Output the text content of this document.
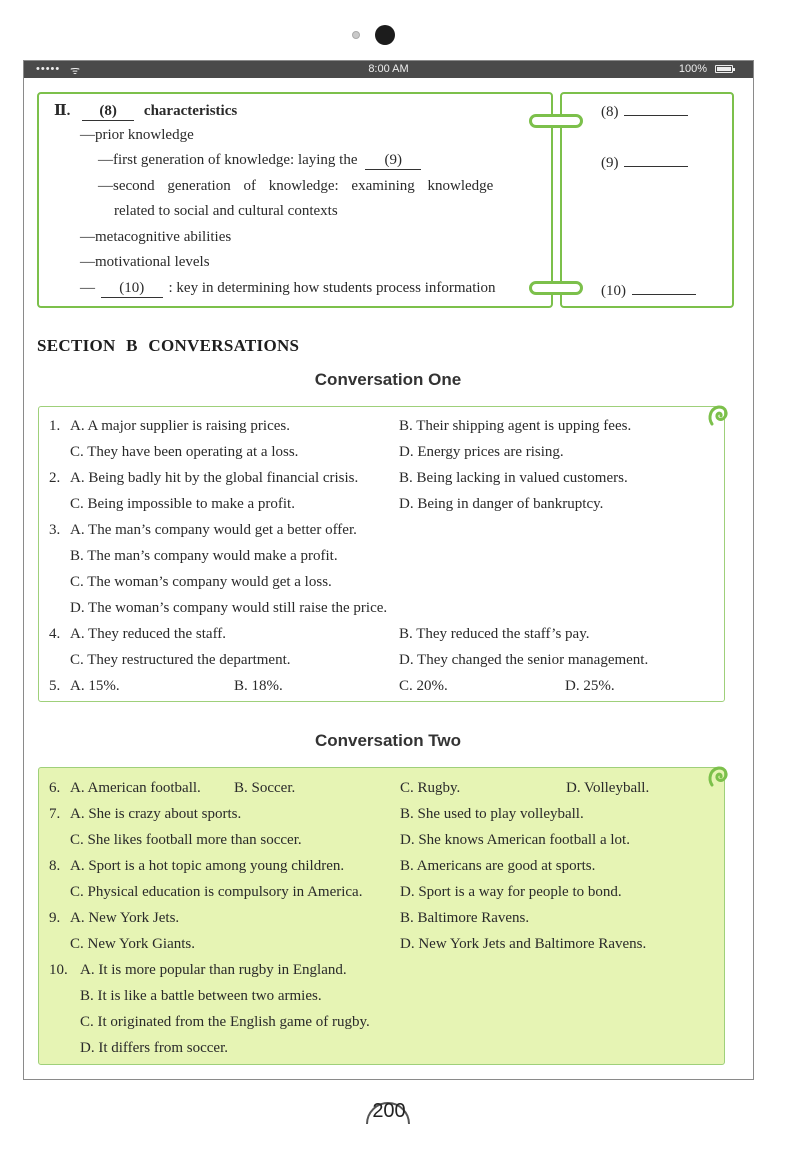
••••• ᯤ	8:00 AM	100%
Ⅱ. (8) characteristics
—prior knowledge
—first generation of knowledge: laying the (9)
—second generation of knowledge: examining knowledge
related to social and cultural contexts
—metacognitive abilities
—motivational levels
— (10) : key in determining how students process information
(8)
(9)
(10)
SECTION B CONVERSATIONS
Conversation One
1. A. A major supplier is raising prices.	B. Their shipping agent is upping fees.
C. They have been operating at a loss.	D. Energy prices are rising.
2. A. Being badly hit by the global financial crisis.	B. Being lacking in valued customers.
C. Being impossible to make a profit.	D. Being in danger of bankruptcy.
3. A. The man’s company would get a better offer.
B. The man’s company would make a profit.
C. The woman’s company would get a loss.
D. The woman’s company would still raise the price.
4. A. They reduced the staff.	B. They reduced the staff’s pay.
C. They restructured the department.	D. They changed the senior management.
5. A. 15%.	B. 18%.	C. 20%.	D. 25%.
Conversation Two
6. A. American football. B. Soccer.	C. Rugby.	D. Volleyball.
7. A. She is crazy about sports.	B. She used to play volleyball.
C. She likes football more than soccer.	D. She knows American football a lot.
8. A. Sport is a hot topic among young children.	B. Americans are good at sports.
C. Physical education is compulsory in America.	D. Sport is a way for people to bond.
9. A. New York Jets.	B. Baltimore Ravens.
C. New York Giants.	D. New York Jets and Baltimore Ravens.
10. A. It is more popular than rugby in England.
B. It is like a battle between two armies.
C. It originated from the English game of rugby.
D. It differs from soccer.
200
